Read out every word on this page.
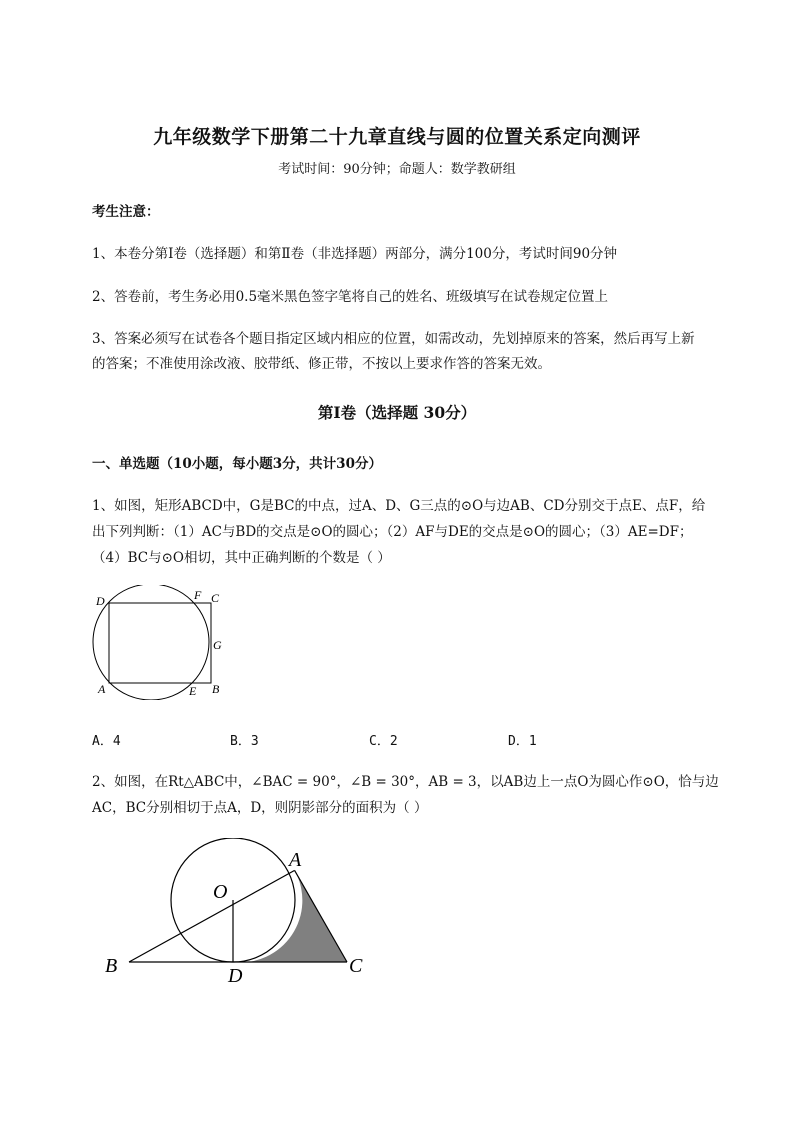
九年级数学下册第二十九章直线与圆的位置关系定向测评
考试时间：90分钟；命题人：数学教研组
考生注意：
1、本卷分第I卷（选择题）和第Ⅱ卷（非选择题）两部分，满分100分，考试时间90分钟
2、答卷前，考生务必用0.5毫米黑色签字笔将自己的姓名、班级填写在试卷规定位置上
3、答案必须写在试卷各个题目指定区域内相应的位置，如需改动，先划掉原来的答案，然后再写上新
的答案；不准使用涂改液、胶带纸、修正带，不按以上要求作答的答案无效。
第I卷（选择题 30分）
一、单选题（10小题，每小题3分，共计30分）
1、如图，矩形ABCD中，G是BC的中点，过A、D、G三点的⊙O与边AB、CD分别交于点E、点F，给
出下列判断：（1）AC与BD的交点是⊙O的圆心；（2）AF与DE的交点是⊙O的圆心；（3）AE=DF；
（4）BC与⊙O相切，其中正确判断的个数是（ ）
D	F C
G
A	E B
A．4	B．3	C．2	D．1
2、如图，在Rt△ABC中，∠BAC = 90°，∠B = 30°，AB = 3，以AB边上一点O为圆心作⊙O，恰与边
AC，BC分别相切于点A，D，则阴影部分的面积为（ ）
O
A
B	D	C
